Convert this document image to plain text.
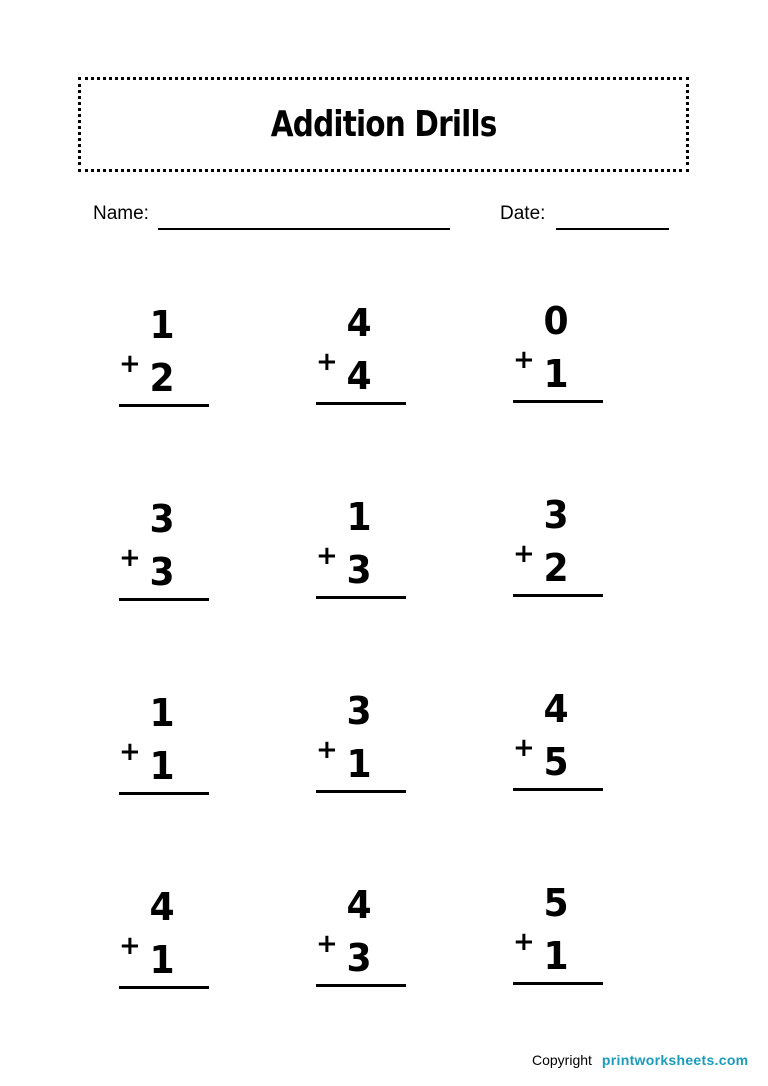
Addition Drills
Name:	Date:
1
+ 2
4
+ 4
0
+ 1
3
+ 3
1
+ 3
3
+ 2
1
+ 1
3
+ 1
4
+ 5
4
+ 1
4
+ 3
5
+ 1
Copyright printworksheets.com
